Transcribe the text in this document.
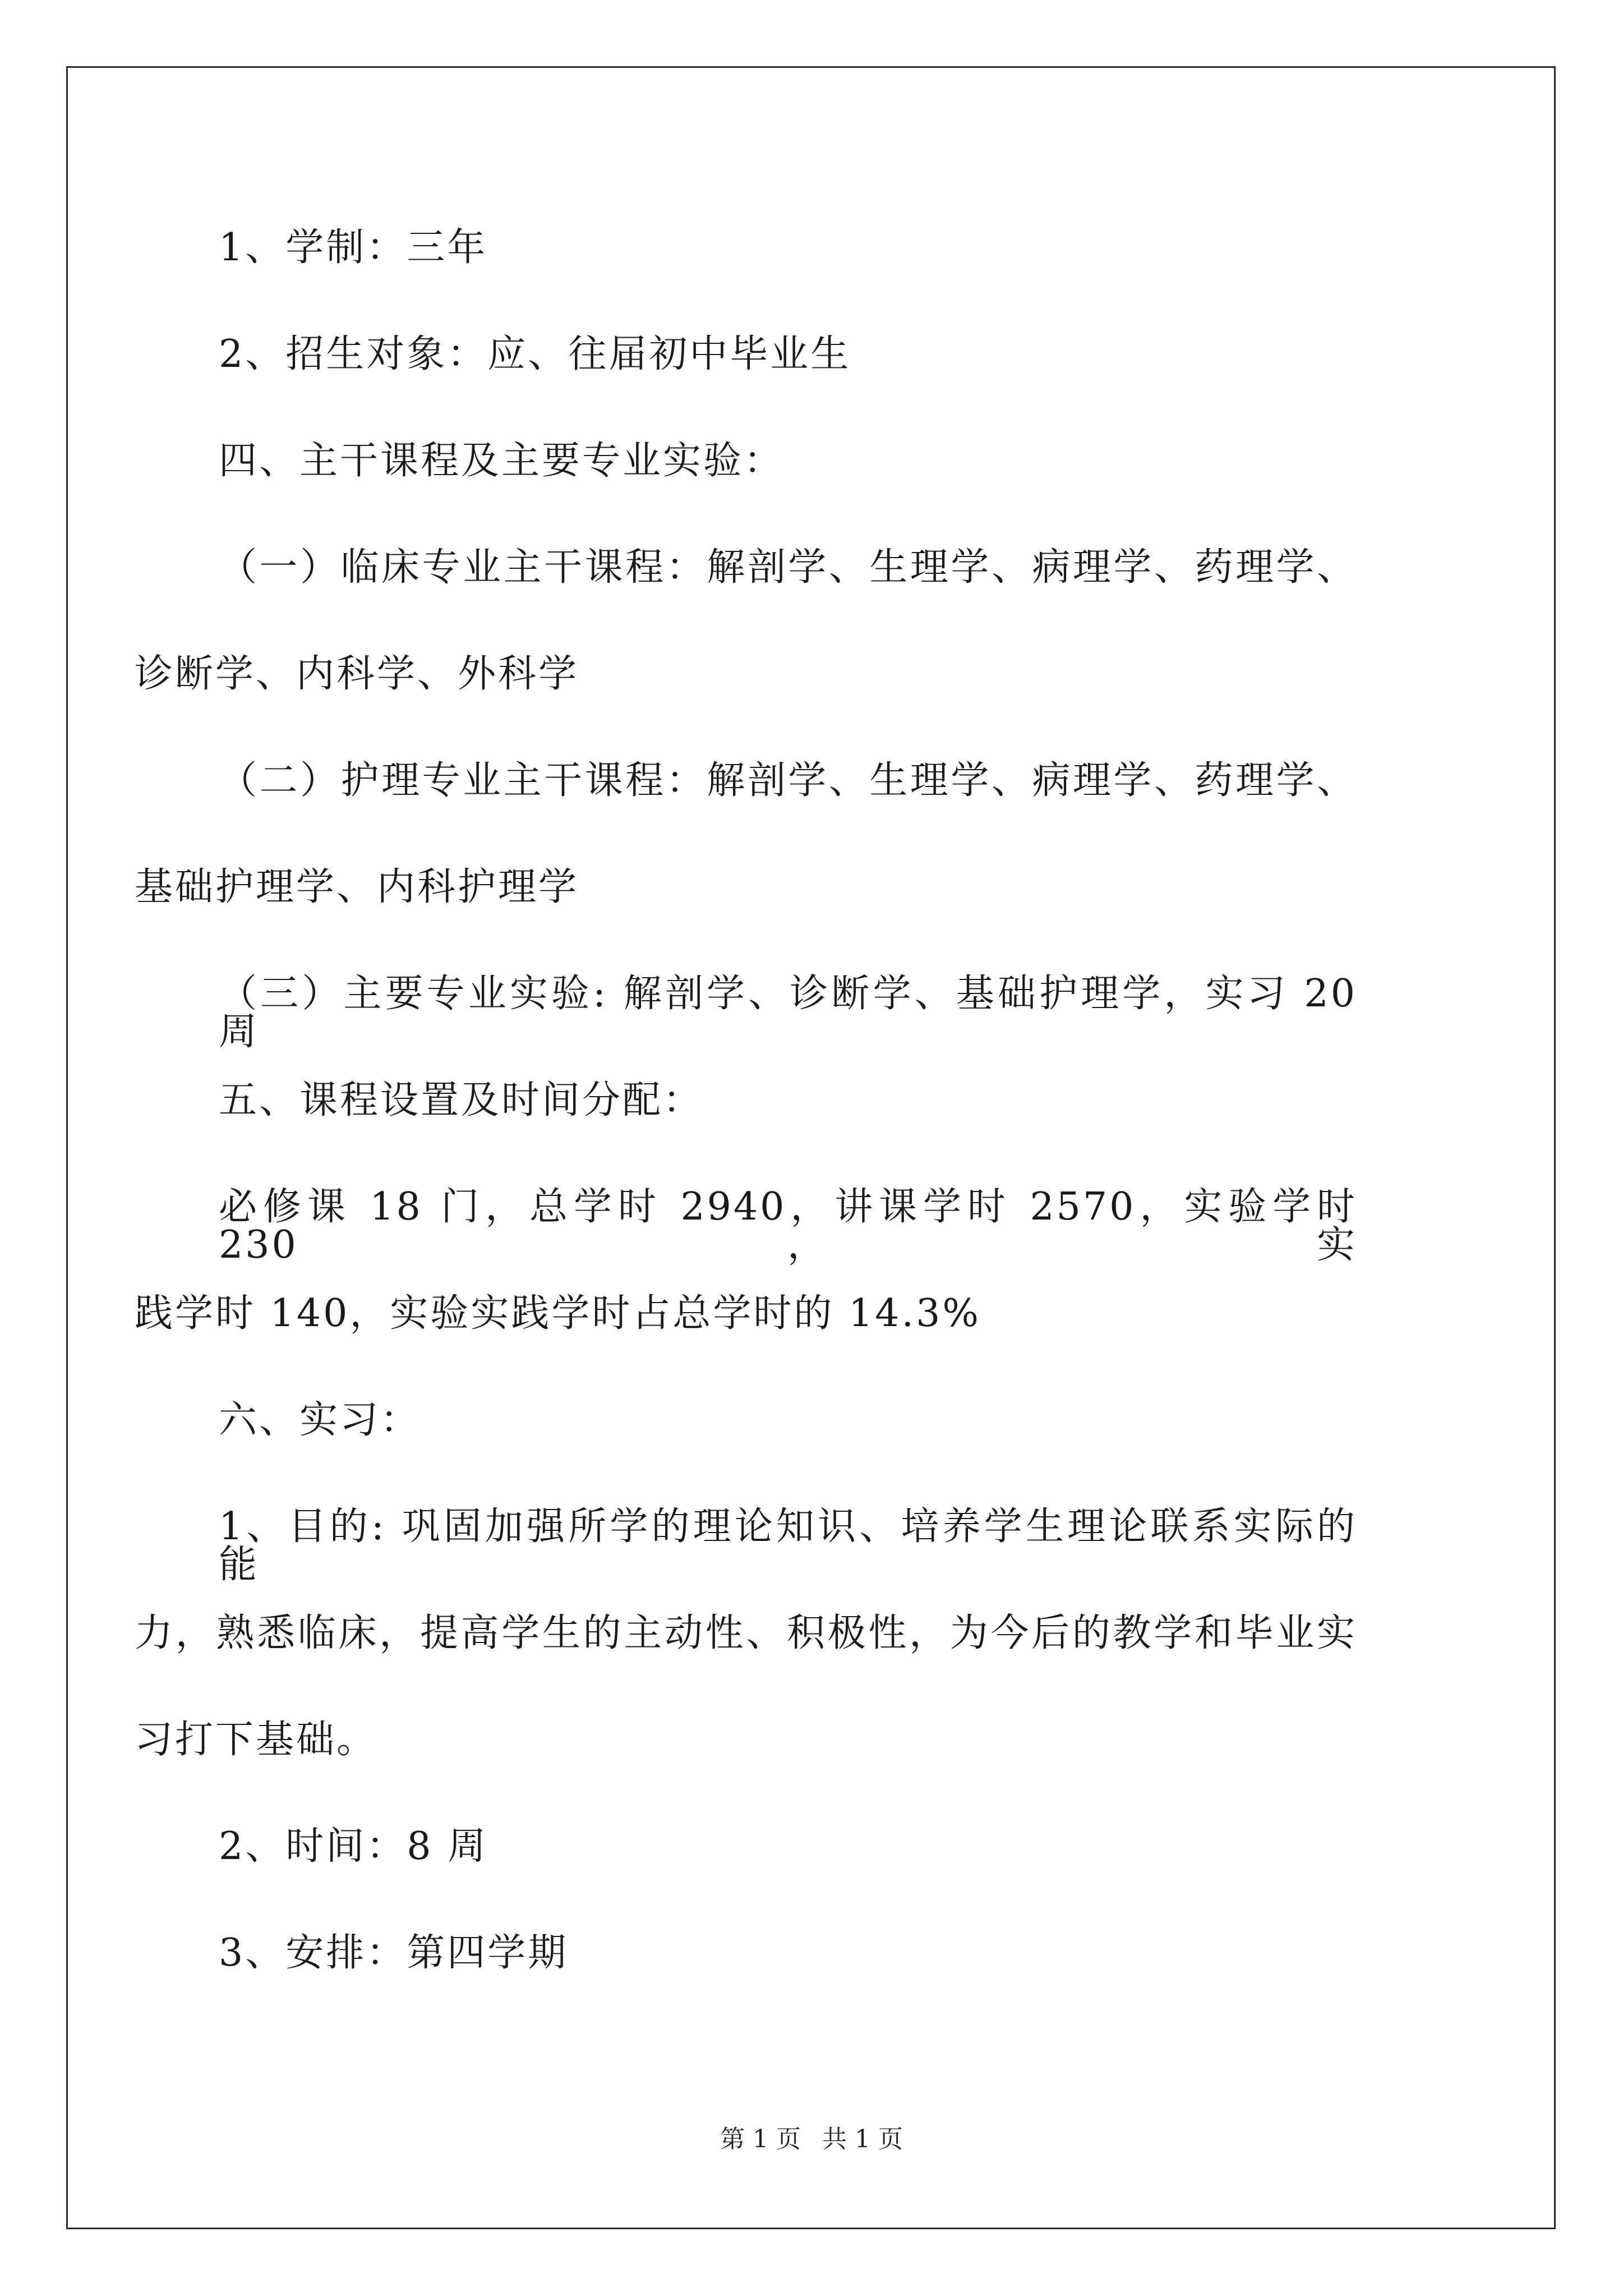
1、学制：三年
2、招生对象：应、往届初中毕业生
四、主干课程及主要专业实验：
（一）临床专业主干课程：解剖学、生理学、病理学、药理学、
诊断学、内科学、外科学
（二）护理专业主干课程：解剖学、生理学、病理学、药理学、
基础护理学、内科护理学
（三）主要专业实验: 解剖学、诊断学、基础护理学，实习 20 周
五、课程设置及时间分配：
必修课 18 门，总学时 2940，讲课学时 2570，实验学时 230，实
践学时 140，实验实践学时占总学时的 14.3%
六、实习：
1、目的: 巩固加强所学的理论知识、培养学生理论联系实际的能
力，熟悉临床，提高学生的主动性、积极性，为今后的教学和毕业实
习打下基础。
2、时间：8 周
3、安排：第四学期
第 1 页 共 1 页
